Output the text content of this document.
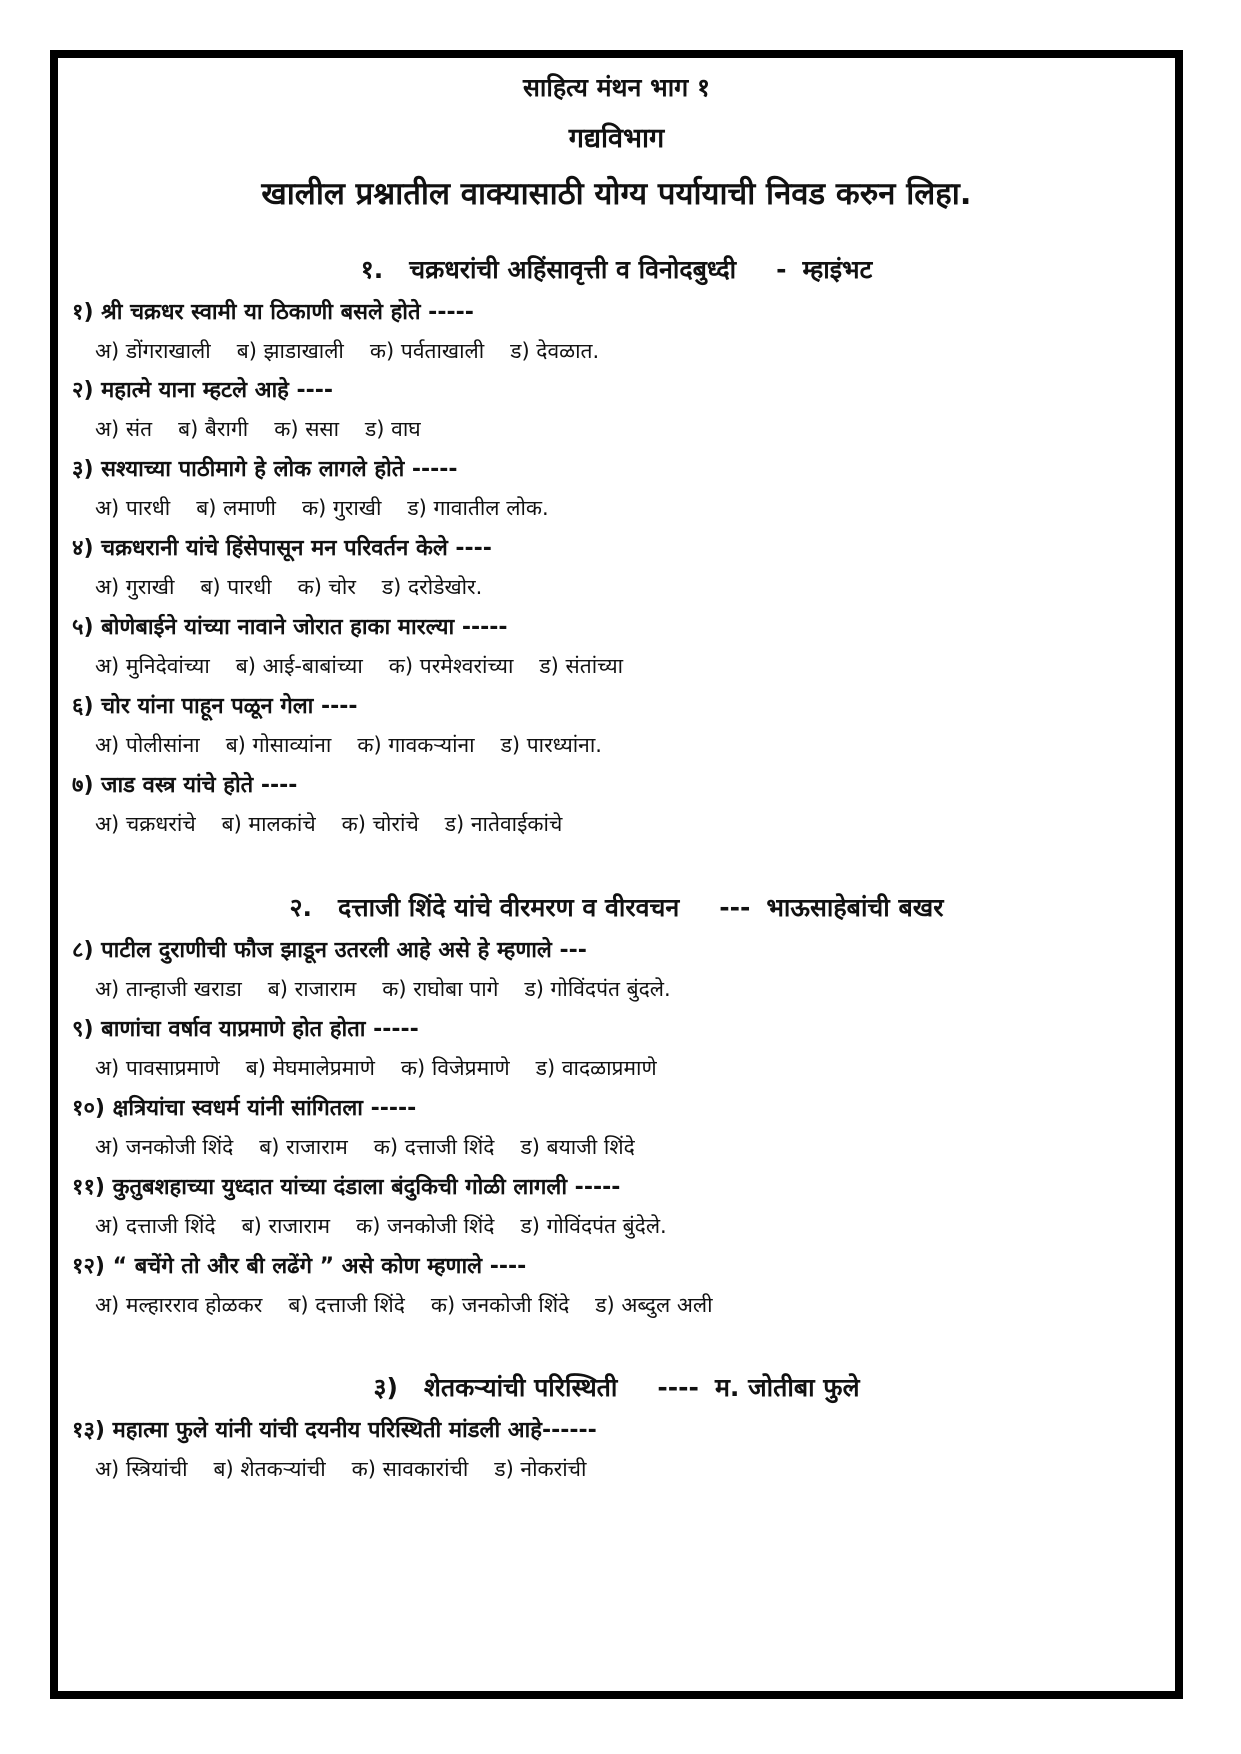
साहित्य मंथन भाग १
गद्यविभाग
खालील प्रश्नातील वाक्यासाठी योग्य पर्यायाची निवड करुन लिहा.
१. चक्रधरांची अहिंसावृत्ती व विनोदबुध्दी - म्हाइंभट
१) श्री चक्रधर स्वामी या ठिकाणी बसले होते -----
अ) डोंगराखाली ब) झाडाखाली क) पर्वताखाली ड) देवळात.
२) महात्मे याना म्हटले आहे ----
अ) संत ब) बैरागी क) ससा ड) वाघ
३) सश्याच्या पाठीमागे हे लोक लागले होते -----
अ) पारधी ब) लमाणी क) गुराखी ड) गावातील लोक.
४) चक्रधरानी यांचे हिंसेपासून मन परिवर्तन केले ----
अ) गुराखी ब) पारधी क) चोर ड) दरोडेखोर.
५) बोणेबाईने यांच्या नावाने जोरात हाका मारल्या -----
अ) मुनिदेवांच्या ब) आई-बाबांच्या क) परमेश्वरांच्या ड) संतांच्या
६) चोर यांना पाहून पळून गेला ----
अ) पोलीसांना ब) गोसाव्यांना क) गावकऱ्यांना ड) पारध्यांना.
७) जाड वस्त्र यांचे होते ----
अ) चक्रधरांचे ब) मालकांचे क) चोरांचे ड) नातेवाईकांचे
२. दत्ताजी शिंदे यांचे वीरमरण व वीरवचन --- भाऊसाहेबांची बखर
८) पाटील दुराणीची फौज झाडून उतरली आहे असे हे म्हणाले ---
अ) तान्हाजी खराडा ब) राजाराम क) राघोबा पागे ड) गोविंदपंत बुंदले.
९) बाणांचा वर्षाव याप्रमाणे होत होता -----
अ) पावसाप्रमाणे ब) मेघमालेप्रमाणे क) विजेप्रमाणे ड) वादळाप्रमाणे
१०) क्षत्रियांचा स्वधर्म यांनी सांगितला -----
अ) जनकोजी शिंदे ब) राजाराम क) दत्ताजी शिंदे ड) बयाजी शिंदे
११) कुतुबशहाच्या युध्दात यांच्या दंडाला बंदुकिची गोळी लागली -----
अ) दत्ताजी शिंदे ब) राजाराम क) जनकोजी शिंदे ड) गोविंदपंत बुंदेले.
१२) “ बचेंगे तो और बी लढेंगे ” असे कोण म्हणाले ----
अ) मल्हारराव होळकर ब) दत्ताजी शिंदे क) जनकोजी शिंदे ड) अब्दुल अली
३) शेतकऱ्यांची परिस्थिती ---- म. जोतीबा फुले
१३) महात्मा फुले यांनी यांची दयनीय परिस्थिती मांडली आहे------
अ) स्त्रियांची ब) शेतकऱ्यांची क) सावकारांची ड) नोकरांची
